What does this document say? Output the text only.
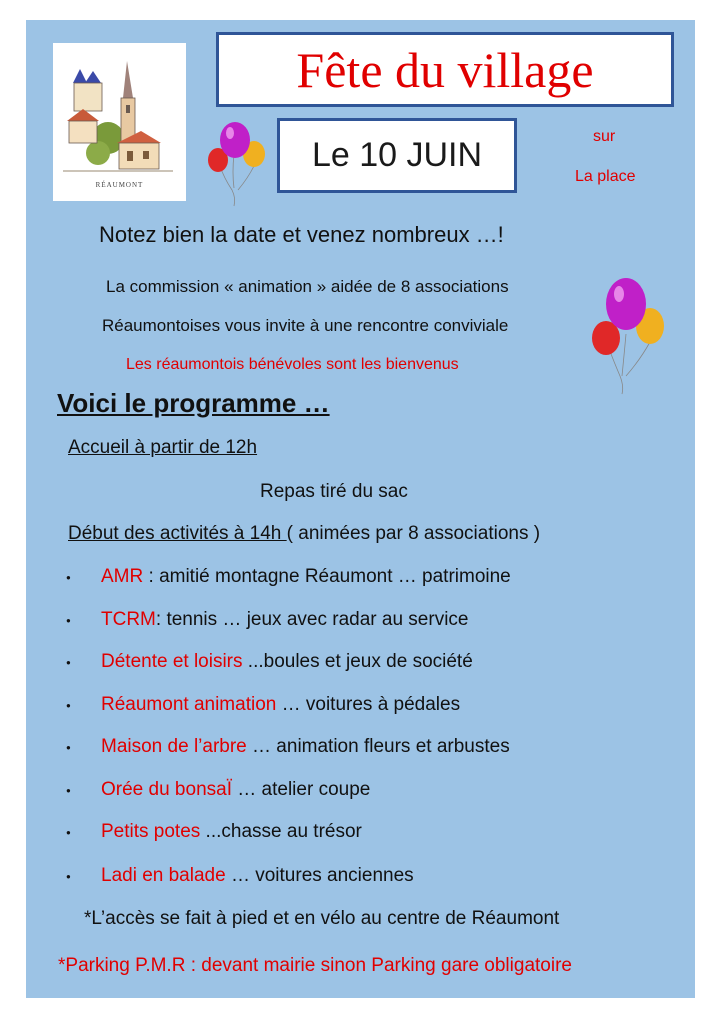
RÉAUMONT
Fête du village
Le 10 JUIN	sur
La place
Notez bien la date et venez nombreux …!
La commission « animation » aidée de 8 associations
Réaumontoises vous invite à une rencontre conviviale
Les réaumontois bénévoles sont les bienvenus
Voici le programme …
Accueil à partir de 12h
Repas tiré du sac
Début des activités à 14h ( animées par 8 associations )
● AMR : amitié montagne Réaumont … patrimoine
● TCRM: tennis … jeux avec radar au service
● Détente et loisirs ...boules et jeux de société
● Réaumont animation … voitures à pédales
● Maison de l’arbre … animation fleurs et arbustes
● Orée du bonsaÏ … atelier coupe
● Petits potes ...chasse au trésor
● Ladi en balade … voitures anciennes
*L’accès se fait à pied et en vélo au centre de Réaumont
*Parking P.M.R : devant mairie sinon Parking gare obligatoire
